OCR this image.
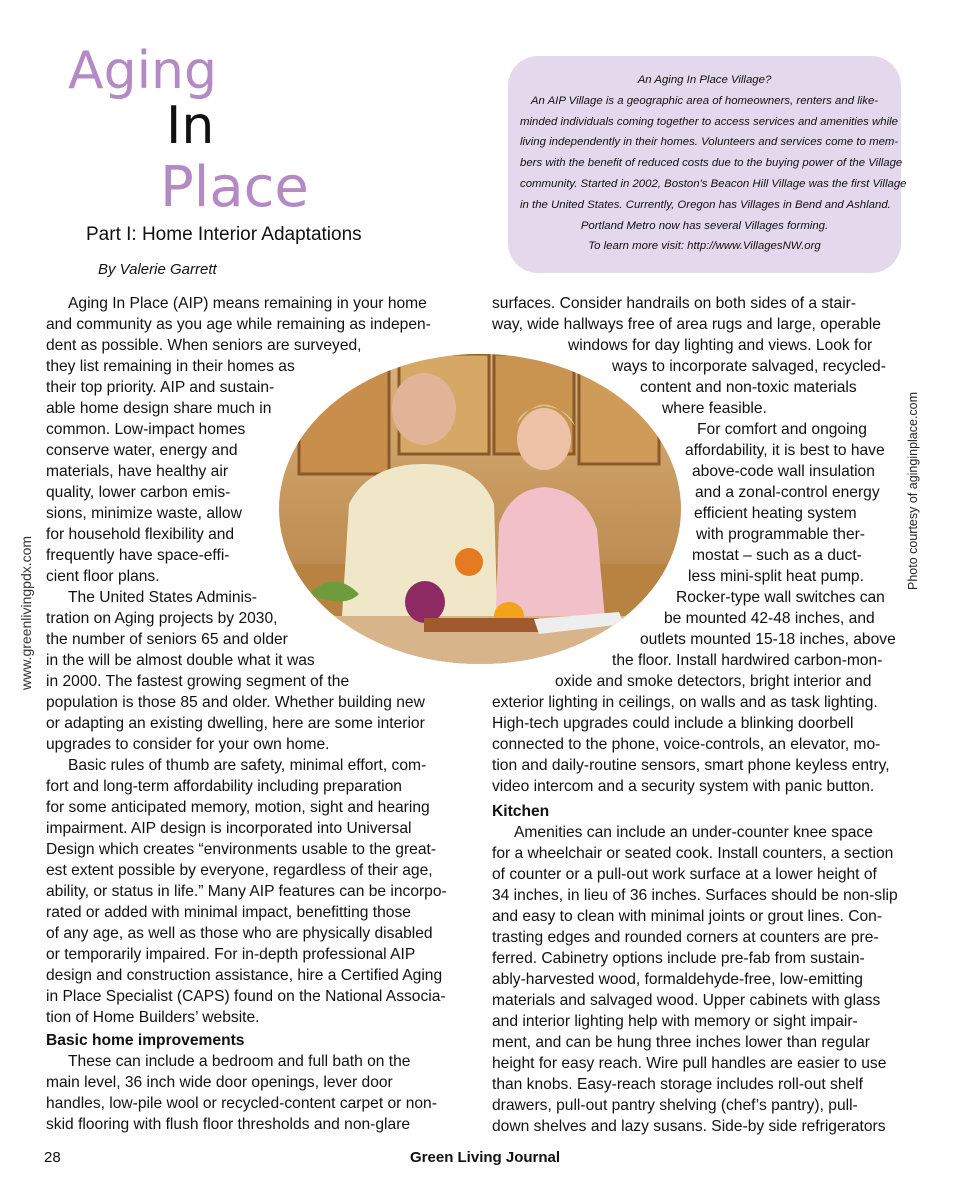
Aging
In
Place
Part I: Home Interior Adaptations
By Valerie Garrett
An Aging In Place Village?
An AIP Village is a geographic area of homeowners, renters and like-
minded individuals coming together to access services and amenities while
living independently in their homes. Volunteers and services come to mem-
bers with the benefit of reduced costs due to the buying power of the Village
community. Started in 2002, Boston's Beacon Hill Village was the first Village
in the United States. Currently, Oregon has Villages in Bend and Ashland.
Portland Metro now has several Villages forming.
To learn more visit: http://www.VillagesNW.org
Aging In Place (AIP) means remaining in your home
and community as you age while remaining as indepen-
dent as possible. When seniors are surveyed,
they list remaining in their homes as
their top priority. AIP and sustain-
able home design share much in
common. Low-impact homes
conserve water, energy and
materials, have healthy air
quality, lower carbon emis-
sions, minimize waste, allow
for household flexibility and
frequently have space-effi-
cient floor plans.
The United States Adminis-
tration on Aging projects by 2030,
the number of seniors 65 and older
in the will be almost double what it was
in 2000. The fastest growing segment of the
population is those 85 and older. Whether building new
or adapting an existing dwelling, here are some interior
upgrades to consider for your own home.
Basic rules of thumb are safety, minimal effort, com-
fort and long-term affordability including preparation
for some anticipated memory, motion, sight and hearing
impairment. AIP design is incorporated into Universal
Design which creates “environments usable to the great-
est extent possible by everyone, regardless of their age,
ability, or status in life.” Many AIP features can be incorpo-
rated or added with minimal impact, benefitting those
of any age, as well as those who are physically disabled
or temporarily impaired. For in-depth professional AIP
design and construction assistance, hire a Certified Aging
in Place Specialist (CAPS) found on the National Associa-
tion of Home Builders’ website.
Basic home improvements
These can include a bedroom and full bath on the
main level, 36 inch wide door openings, lever door
handles, low-pile wool or recycled-content carpet or non-
skid flooring with flush floor thresholds and non-glare
surfaces. Consider handrails on both sides of a stair-
way, wide hallways free of area rugs and large, operable
windows for day lighting and views. Look for
ways to incorporate salvaged, recycled-
content and non-toxic materials
where feasible.
For comfort and ongoing
affordability, it is best to have
above-code wall insulation
and a zonal-control energy
efficient heating system
with programmable ther-
mostat – such as a duct-
less mini-split heat pump.
Rocker-type wall switches can
be mounted 42-48 inches, and
outlets mounted 15-18 inches, above
the floor. Install hardwired carbon-mon-
oxide and smoke detectors, bright interior and
exterior lighting in ceilings, on walls and as task lighting.
High-tech upgrades could include a blinking doorbell
connected to the phone, voice-controls, an elevator, mo-
tion and daily-routine sensors, smart phone keyless entry,
video intercom and a security system with panic button.
Kitchen
Amenities can include an under-counter knee space
for a wheelchair or seated cook. Install counters, a section
of counter or a pull-out work surface at a lower height of
34 inches, in lieu of 36 inches. Surfaces should be non-slip
and easy to clean with minimal joints or grout lines. Con-
trasting edges and rounded corners at counters are pre-
ferred. Cabinetry options include pre-fab from sustain-
ably-harvested wood, formaldehyde-free, low-emitting
materials and salvaged wood. Upper cabinets with glass
and interior lighting help with memory or sight impair-
ment, and can be hung three inches lower than regular
height for easy reach. Wire pull handles are easier to use
than knobs. Easy-reach storage includes roll-out shelf
drawers, pull-out pantry shelving (chef’s pantry), pull-
down shelves and lazy susans. Side-by side refrigerators
www.greenlivingpdx.com
Photo courtesy of aginginplace.com
28	Green Living Journal
